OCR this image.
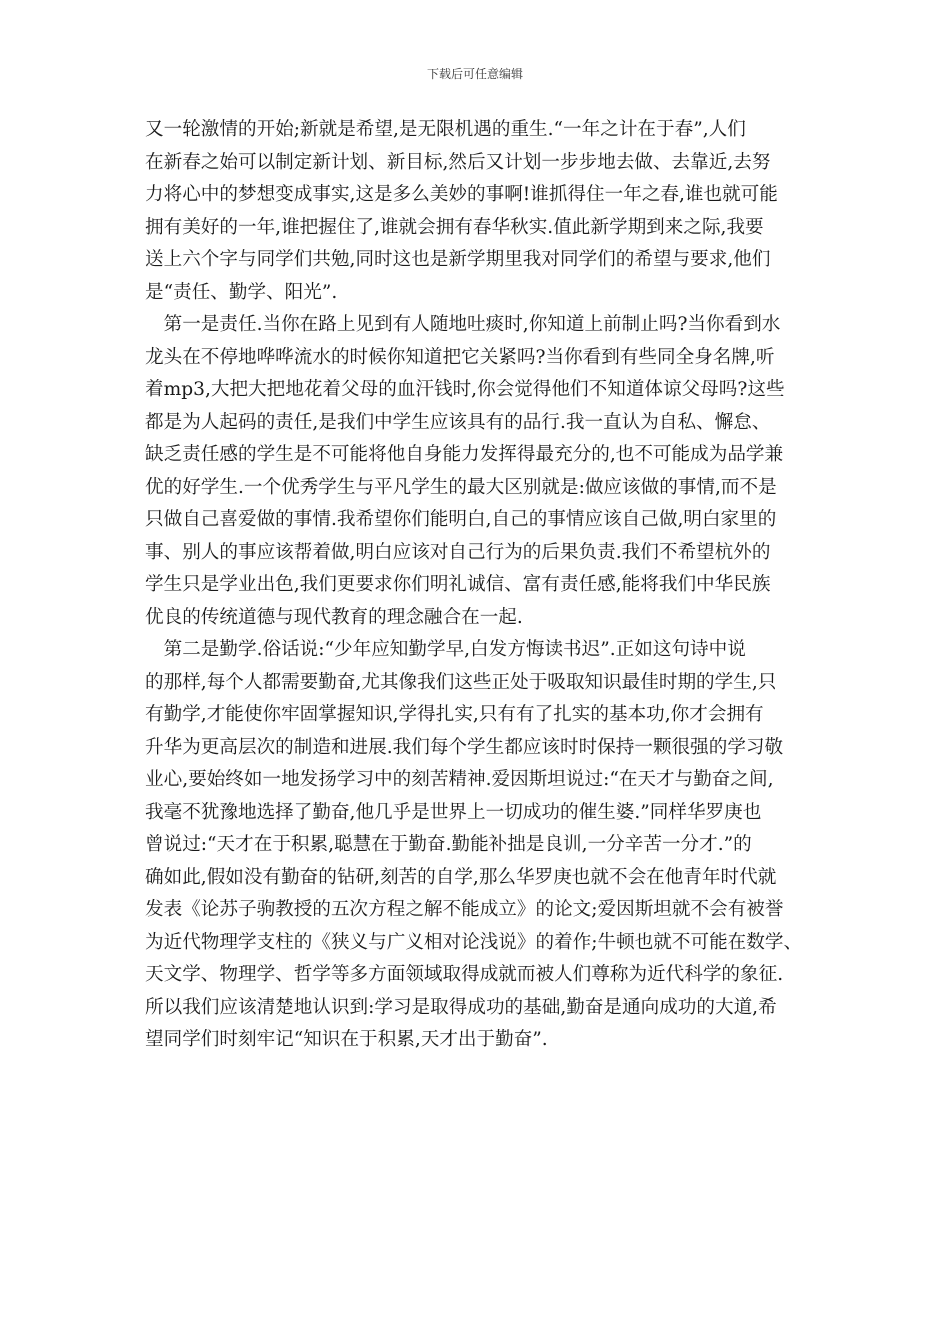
下载后可任意编辑

又一轮激情的开始;新就是希望,是无限机遇的重生.“一年之计在于春”,人们
在新春之始可以制定新计划、新目标,然后又计划一步步地去做、去靠近,去努
力将心中的梦想变成事实,这是多么美妙的事啊!谁抓得住一年之春,谁也就可能
拥有美好的一年,谁把握住了,谁就会拥有春华秋实.值此新学期到来之际,我要
送上六个字与同学们共勉,同时这也是新学期里我对同学们的希望与要求,他们
是“责任、勤学、阳光”.

　第一是责任.当你在路上见到有人随地吐痰时,你知道上前制止吗?当你看到水
龙头在不停地哗哗流水的时候你知道把它关紧吗?当你看到有些同全身名牌,听
着mp3,大把大把地花着父母的血汗钱时,你会觉得他们不知道体谅父母吗?这些
都是为人起码的责任,是我们中学生应该具有的品行.我一直认为自私、懈怠、
缺乏责任感的学生是不可能将他自身能力发挥得最充分的,也不可能成为品学兼
优的好学生.一个优秀学生与平凡学生的最大区别就是:做应该做的事情,而不是
只做自己喜爱做的事情.我希望你们能明白,自己的事情应该自己做,明白家里的
事、别人的事应该帮着做,明白应该对自己行为的后果负责.我们不希望杭外的
学生只是学业出色,我们更要求你们明礼诚信、富有责任感,能将我们中华民族
优良的传统道德与现代教育的理念融合在一起.

　第二是勤学.俗话说:“少年应知勤学早,白发方悔读书迟”.正如这句诗中说
的那样,每个人都需要勤奋,尤其像我们这些正处于吸取知识最佳时期的学生,只
有勤学,才能使你牢固掌握知识,学得扎实,只有有了扎实的基本功,你才会拥有
升华为更高层次的制造和进展.我们每个学生都应该时时保持一颗很强的学习敬
业心,要始终如一地发扬学习中的刻苦精神.爱因斯坦说过:“在天才与勤奋之间,
我毫不犹豫地选择了勤奋,他几乎是世界上一切成功的催生婆.”同样华罗庚也
曾说过:“天才在于积累,聪慧在于勤奋.勤能补拙是良训,一分辛苦一分才.”的
确如此,假如没有勤奋的钻研,刻苦的自学,那么华罗庚也就不会在他青年时代就
发表《论苏子驹教授的五次方程之解不能成立》的论文;爱因斯坦就不会有被誉
为近代物理学支柱的《狭义与广义相对论浅说》的着作;牛顿也就不可能在数学、
天文学、物理学、哲学等多方面领域取得成就而被人们尊称为近代科学的象征.
所以我们应该清楚地认识到:学习是取得成功的基础,勤奋是通向成功的大道,希
望同学们时刻牢记“知识在于积累,天才出于勤奋”.
